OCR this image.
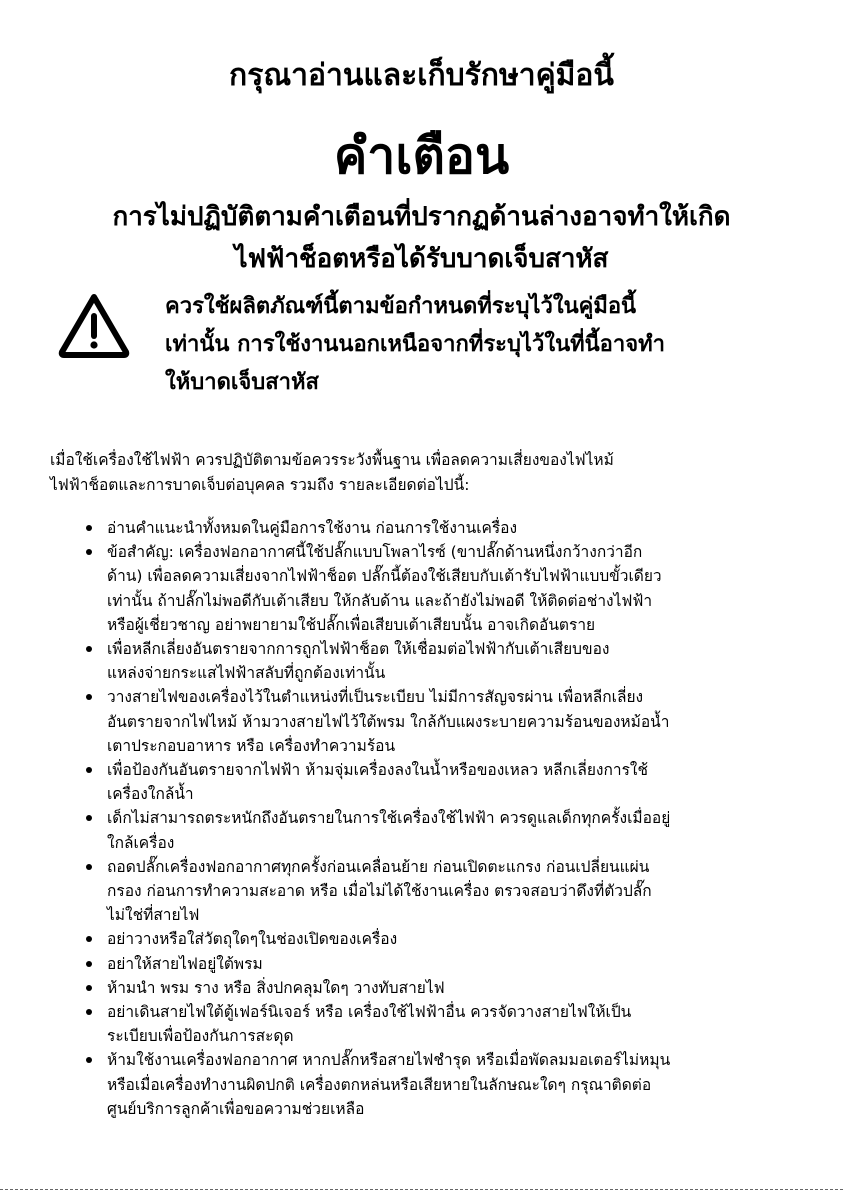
กรุณาอ่านและเก็บรักษาคู่มือนี้
คำเตือน
การไม่ปฏิบัติตามคำเตือนที่ปรากฏด้านล่างอาจทำให้เกิด
ไฟฟ้าช็อตหรือได้รับบาดเจ็บสาหัส
ควรใช้ผลิตภัณฑ์นี้ตามข้อกำหนดที่ระบุไว้ในคู่มือนี้
เท่านั้น การใช้งานนอกเหนือจากที่ระบุไว้ในที่นี้อาจทำ
ให้บาดเจ็บสาหัส
เมื่อใช้เครื่องใช้ไฟฟ้า ควรปฏิบัติตามข้อควรระวังพื้นฐาน เพื่อลดความเสี่ยงของไฟไหม้
ไฟฟ้าช็อตและการบาดเจ็บต่อบุคคล รวมถึง รายละเอียดต่อไปนี้:
อ่านคำแนะนำทั้งหมดในคู่มือการใช้งาน ก่อนการใช้งานเครื่อง
ข้อสำคัญ: เครื่องฟอกอากาศนี้ใช้ปลั๊กแบบโพลาไรซ์ (ขาปลั๊กด้านหนึ่งกว้างกว่าอีก
ด้าน) เพื่อลดความเสี่ยงจากไฟฟ้าช็อต ปลั๊กนี้ต้องใช้เสียบกับเต้ารับไฟฟ้าแบบขั้วเดียว
เท่านั้น ถ้าปลั๊กไม่พอดีกับเต้าเสียบ ให้กลับด้าน และถ้ายังไม่พอดี ให้ติดต่อช่างไฟฟ้า
หรือผู้เชี่ยวชาญ อย่าพยายามใช้ปลั๊กเพื่อเสียบเต้าเสียบนั้น อาจเกิดอันตราย
เพื่อหลีกเลี่ยงอันตรายจากการถูกไฟฟ้าช็อต ให้เชื่อมต่อไฟฟ้ากับเต้าเสียบของ
แหล่งจ่ายกระแสไฟฟ้าสลับที่ถูกต้องเท่านั้น
วางสายไฟของเครื่องไว้ในตำแหน่งที่เป็นระเบียบ ไม่มีการสัญจรผ่าน เพื่อหลีกเลี่ยง
อันตรายจากไฟไหม้ ห้ามวางสายไฟไว้ใต้พรม ใกล้กับแผงระบายความร้อนของหม้อน้ำ
เตาประกอบอาหาร หรือ เครื่องทำความร้อน
เพื่อป้องกันอันตรายจากไฟฟ้า ห้ามจุ่มเครื่องลงในน้ำหรือของเหลว หลีกเลี่ยงการใช้
เครื่องใกล้น้ำ
เด็กไม่สามารถตระหนักถึงอันตรายในการใช้เครื่องใช้ไฟฟ้า ควรดูแลเด็กทุกครั้งเมื่ออยู่
ใกล้เครื่อง
ถอดปลั๊กเครื่องฟอกอากาศทุกครั้งก่อนเคลื่อนย้าย ก่อนเปิดตะแกรง ก่อนเปลี่ยนแผ่น
กรอง ก่อนการทำความสะอาด หรือ เมื่อไม่ได้ใช้งานเครื่อง ตรวจสอบว่าดึงที่ตัวปลั๊ก
ไม่ใช่ที่สายไฟ
อย่าวางหรือใส่วัตถุใดๆในช่องเปิดของเครื่อง
อย่าให้สายไฟอยู่ใต้พรม
ห้ามนำ พรม ราง หรือ สิ่งปกคลุมใดๆ วางทับสายไฟ
อย่าเดินสายไฟใต้ตู้เฟอร์นิเจอร์ หรือ เครื่องใช้ไฟฟ้าอื่น ควรจัดวางสายไฟให้เป็น
ระเบียบเพื่อป้องกันการสะดุด
ห้ามใช้งานเครื่องฟอกอากาศ หากปลั๊กหรือสายไฟชำรุด หรือเมื่อพัดลมมอเตอร์ไม่หมุน
หรือเมื่อเครื่องทำงานผิดปกติ เครื่องตกหล่นหรือเสียหายในลักษณะใดๆ กรุณาติดต่อ
ศูนย์บริการลูกค้าเพื่อขอความช่วยเหลือ
